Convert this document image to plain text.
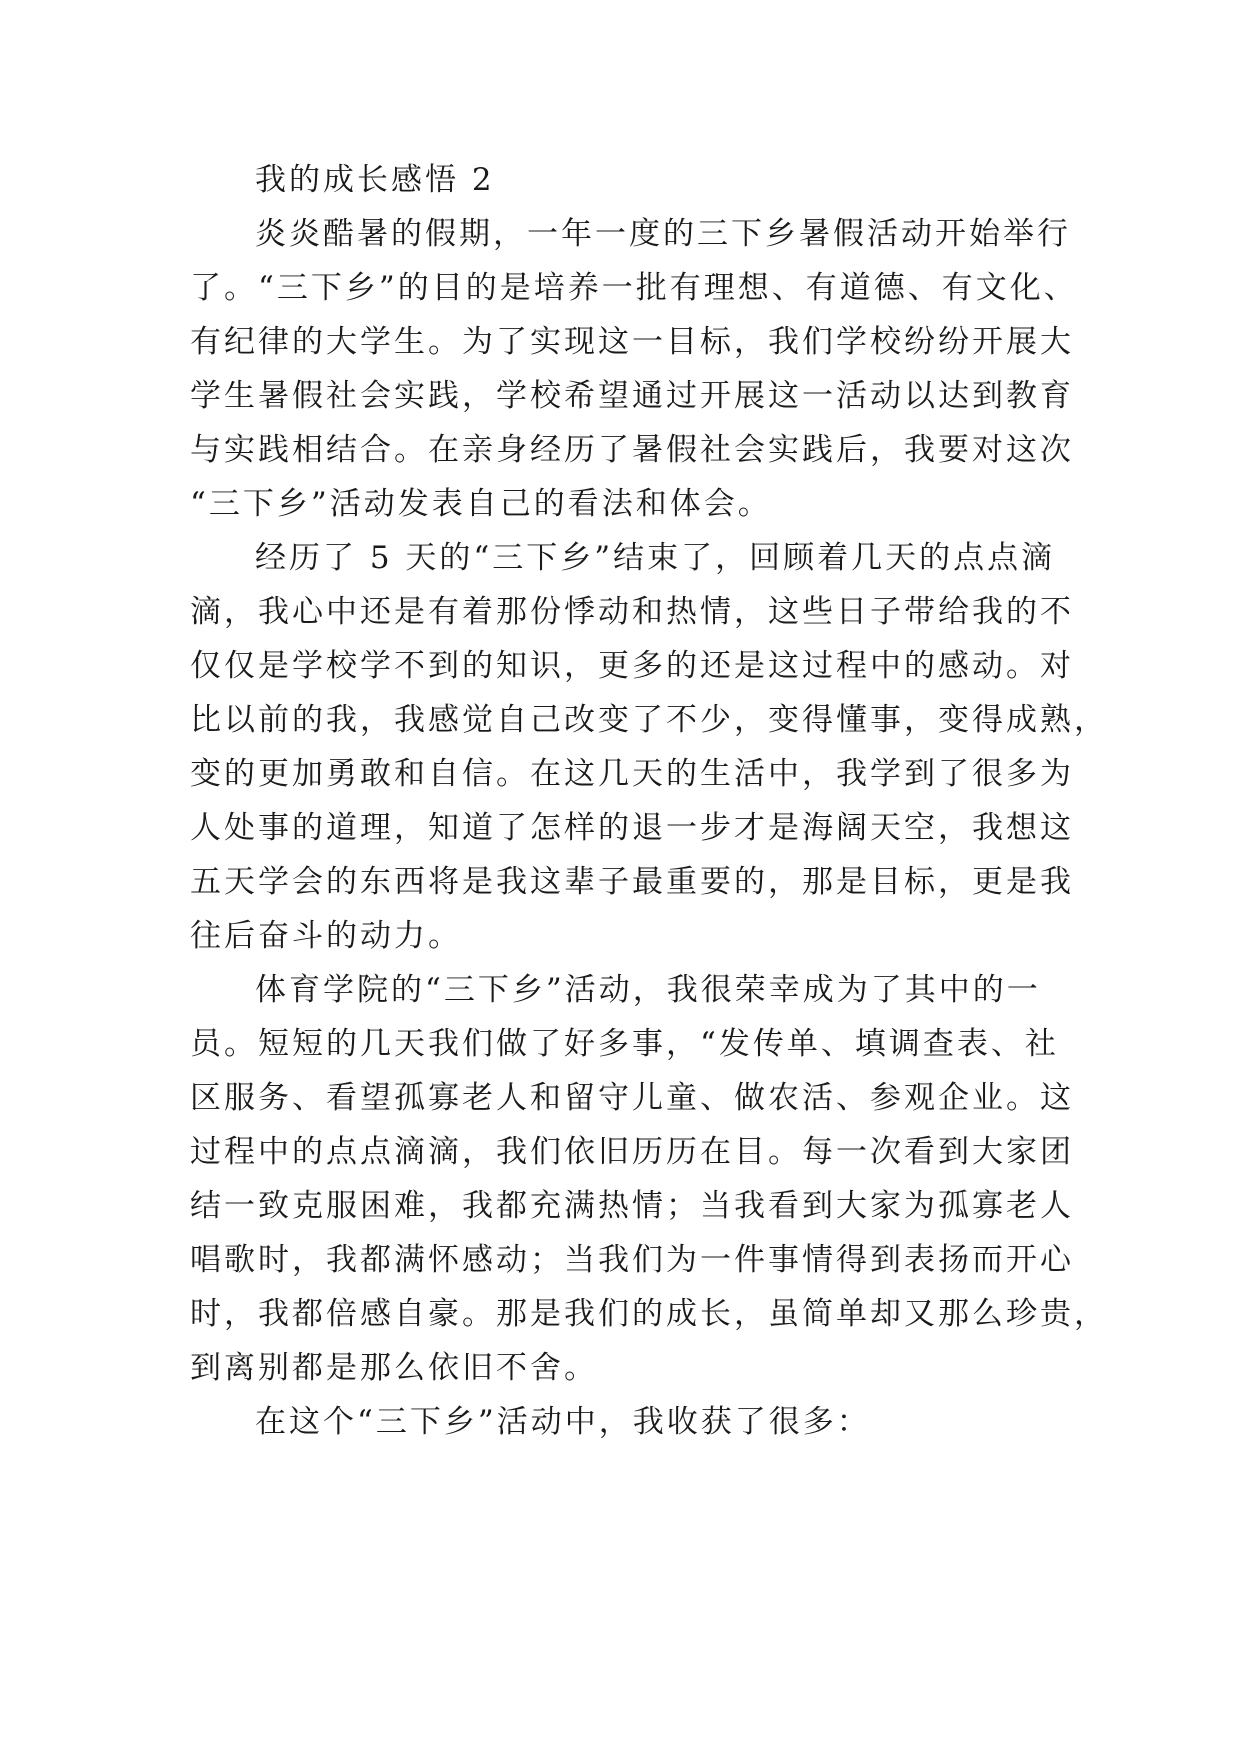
我的成长感悟 2
炎炎酷暑的假期，一年一度的三下乡暑假活动开始举行
了。“三下乡”的目的是培养一批有理想、有道德、有文化、
有纪律的大学生。为了实现这一目标，我们学校纷纷开展大
学生暑假社会实践，学校希望通过开展这一活动以达到教育
与实践相结合。在亲身经历了暑假社会实践后，我要对这次
“三下乡”活动发表自己的看法和体会。
经历了 5 天的“三下乡”结束了，回顾着几天的点点滴
滴，我心中还是有着那份悸动和热情，这些日子带给我的不
仅仅是学校学不到的知识，更多的还是这过程中的感动。对
比以前的我，我感觉自己改变了不少，变得懂事，变得成熟，
变的更加勇敢和自信。在这几天的生活中，我学到了很多为
人处事的道理，知道了怎样的退一步才是海阔天空，我想这
五天学会的东西将是我这辈子最重要的，那是目标，更是我
往后奋斗的动力。
体育学院的“三下乡”活动，我很荣幸成为了其中的一
员。短短的几天我们做了好多事，“发传单、填调查表、社
区服务、看望孤寡老人和留守儿童、做农活、参观企业。这
过程中的点点滴滴，我们依旧历历在目。每一次看到大家团
结一致克服困难，我都充满热情；当我看到大家为孤寡老人
唱歌时，我都满怀感动；当我们为一件事情得到表扬而开心
时，我都倍感自豪。那是我们的成长，虽简单却又那么珍贵，
到离别都是那么依旧不舍。
在这个“三下乡”活动中，我收获了很多：
